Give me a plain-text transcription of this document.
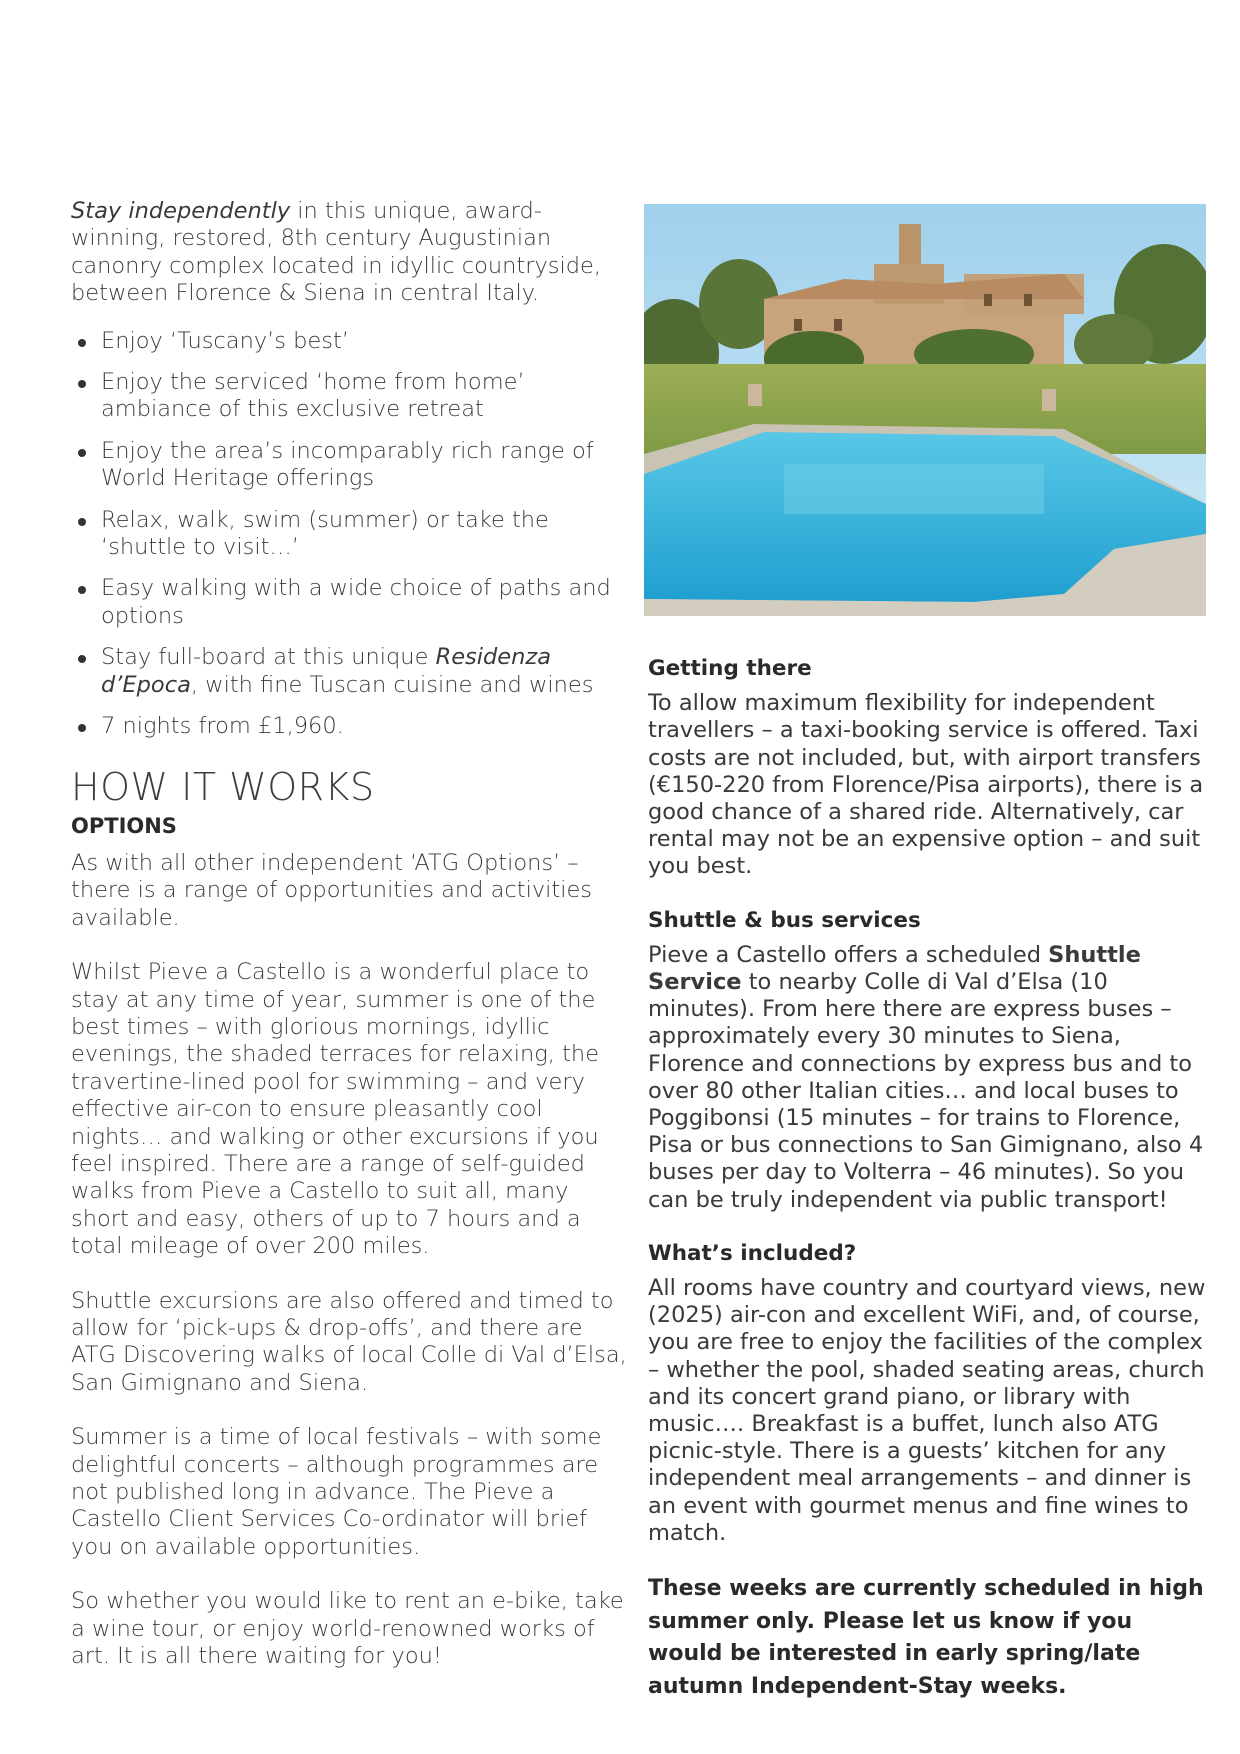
Stay independently in this unique, award-winning, restored, 8th century Augustinian canonry complex located in idyllic countryside, between Florence & Siena in central Italy.

Enjoy ‘Tuscany’s best’
Enjoy the serviced ‘home from home’ ambiance of this exclusive retreat
Enjoy the area’s incomparably rich range of World Heritage offerings
Relax, walk, swim (summer) or take the ‘shuttle to visit…’
Easy walking with a wide choice of paths and options
Stay full-board at this unique Residenza d’Epoca, with fine Tuscan cuisine and wines
7 nights from £1,960.
HOW IT WORKS
OPTIONS

As with all other independent ‘ATG Options’ – there is a range of opportunities and activities available.

Whilst Pieve a Castello is a wonderful place to stay at any time of year, summer is one of the best times – with glorious mornings, idyllic evenings, the shaded terraces for relaxing, the travertine-lined pool for swimming – and very effective air-con to ensure pleasantly cool nights… and walking or other excursions if you feel inspired. There are a range of self-guided walks from Pieve a Castello to suit all, many short and easy, others of up to 7 hours and a total mileage of over 200 miles.

Shuttle excursions are also offered and timed to allow for ‘pick-ups & drop-offs’, and there are ATG Discovering walks of local Colle di Val d’Elsa, San Gimignano and Siena.

Summer is a time of local festivals – with some delightful concerts – although programmes are not published long in advance. The Pieve a Castello Client Services Co-ordinator will brief you on available opportunities.

So whether you would like to rent an e-bike, take a wine tour, or enjoy world-renowned works of art. It is all there waiting for you!

Getting there

To allow maximum flexibility for independent travellers – a taxi-booking service is offered. Taxi costs are not included, but, with airport transfers (€150-220 from Florence/Pisa airports), there is a good chance of a shared ride. Alternatively, car rental may not be an expensive option – and suit you best.

Shuttle & bus services

Pieve a Castello offers a scheduled Shuttle Service to nearby Colle di Val d’Elsa (10 minutes). From here there are express buses – approximately every 30 minutes to Siena, Florence and connections by express bus and to over 80 other Italian cities… and local buses to Poggibonsi (15 minutes – for trains to Florence, Pisa or bus connections to San Gimignano, also 4 buses per day to Volterra – 46 minutes). So you can be truly independent via public transport!

What’s included?

All rooms have country and courtyard views, new (2025) air-con and excellent WiFi, and, of course, you are free to enjoy the facilities of the complex – whether the pool, shaded seating areas, church and its concert grand piano, or library with music…. Breakfast is a buffet, lunch also ATG picnic-style. There is a guests’ kitchen for any independent meal arrangements – and dinner is an event with gourmet menus and fine wines to match.

These weeks are currently scheduled in high summer only. Please let us know if you would be interested in early spring/late autumn Independent-Stay weeks.
